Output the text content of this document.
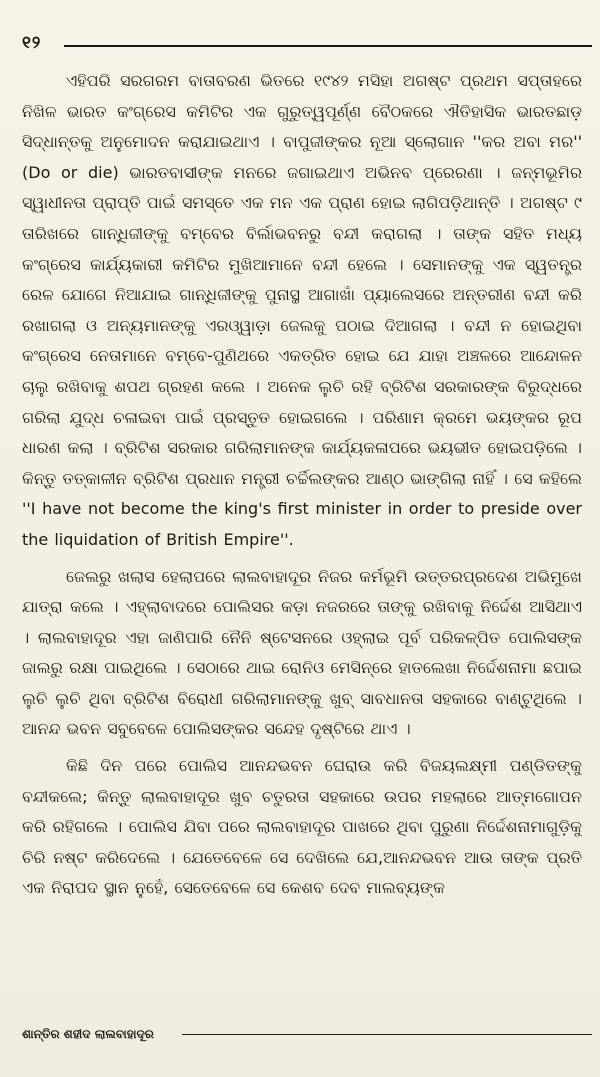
୧୨

ଏହିପରି ସରଗରମ ବାତାବରଣ ଭିତରେ ୧୯୪୨ ମସିହା ଅଗଷ୍ଟ ପ୍ରଥମ ସପ୍ତାହରେ ନିଖିଳ ଭାରତ କଂଗ୍ରେସ କମିଟିର ଏକ ଗୁରୁତ୍ୱପୂର୍ଣ୍ଣ ବୈଠକରେ ଐତିହାସିକ ଭାରତଛାଡ଼ ସିଦ୍ଧାନ୍ତକୁ ଅନୁମୋଦନ କରାଯାଇଥାଏ । ବାପୁଜୀଙ୍କର ନୂଆ ସ୍ଲୋଗାନ ''କର ଅବା ମର'' (Do or die) ଭାରତବାସୀଙ୍କ ମନରେ ଜଗାଇଥାଏ ଅଭିନବ ପ୍ରେରଣା । ଜନ୍ମଭୂମିର ସ୍ୱାଧୀନତା ପ୍ରାପ୍ତି ପାଇଁ ସମସ୍ତେ ଏକ ମନ ଏକ ପ୍ରାଣ ହୋଇ ଲାଗିପଡ଼ିଥାନ୍ତି । ଅଗଷ୍ଟ ୯ ତାରିଖରେ ଗାନ୍ଧିଜୀଙ୍କୁ ବମ୍ବେର ବିର୍ଲାଭବନରୁ ବନ୍ଦୀ କରାଗଲା । ତାଙ୍କ ସହିତ ମଧ୍ୟ କଂଗ୍ରେସ କାର୍ଯ୍ୟକାରୀ କମିଟିର ମୁଖିଆମାନେ ବନ୍ଦୀ ହେଲେ । ସେମାନଙ୍କୁ ଏକ ସ୍ୱତନ୍ତ୍ର ରେଳ ଯୋଗେ ନିଆଯାଇ ଗାନ୍ଧିଜୀଙ୍କୁ ପୁନାସ୍ଥ ଆଗାଖାଁ ପ୍ୟାଲେସରେ ଅନ୍ତରୀଣ ବନ୍ଦୀ କରି ରଖାଗଲା ଓ ଅନ୍ୟମାନଙ୍କୁ ଏରଓ୍ୱାଡ଼ା ଜେଲକୁ ପଠାଇ ଦିଆଗଲା । ବନ୍ଦୀ ନ ହୋଇଥିବା କଂଗ୍ରେସ ନେତାମାନେ ବମ୍ବେ-ପୁଣିଥରେ ଏକତ୍ରିତ ହୋଇ ଯେ ଯାହା ଅଞ୍ଚଳରେ ଆନ୍ଦୋଳନ ଚାଲୁ ରଖିବାକୁ ଶପଥ ଗ୍ରହଣ କଲେ । ଅନେକ ଲୁଚି ରହି ବ୍ରିଟିଶ ସରକାରଙ୍କ ବିରୁଦ୍ଧରେ ଗରିଲା ଯୁଦ୍ଧ ଚଳାଇବା ପାଇଁ ପ୍ରସ୍ତୁତ ହୋଇଗଲେ । ପରିଣାମ କ୍ରମେ ଭୟଙ୍କର ରୂପ ଧାରଣ କଲା । ବ୍ରିଟିଶ ସରକାର ଗରିଲାମାନଙ୍କ କାର୍ଯ୍ୟକଳାପରେ ଭୟଭୀତ ହୋଇପଡ଼ିଲେ । କିନ୍ତୁ ତତ୍କାଳୀନ ବ୍ରିଟିଶ ପ୍ରଧାନ ମନ୍ତ୍ରୀ ଚର୍ଚ୍ଚିଲଙ୍କର ଆଣ୍ଠ ଭାଙ୍ଗିଲା ନାହିଁ । ସେ କହିଲେ ''I have not become the king's first minister in order to preside over the liquidation of British Empire''.

ଜେଲରୁ ଖଲାସ ହେଲାପରେ ଲାଲବାହାଦୂର ନିଜର କର୍ମଭୂମି ଉତ୍ତରପ୍ରଦେଶ ଅଭିମୁଖେ ଯାତ୍ରା କଲେ । ଏହ୍ଲାବାଦରେ ପୋଲିସର କଡ଼ା ନଜରରେ ତାଙ୍କୁ ରଖିବାକୁ ନିର୍ଦ୍ଦେଶ ଆସିଥାଏ । ଲାଲବାହାଦୂର ଏହା ଜାଣିପାରି ନୈନି ଷ୍ଟେସନରେ ଓହ୍ଲାଇ ପୂର୍ବ ପରିକଳ୍ପିତ ପୋଲିସଙ୍କ ଜାଲରୁ ରକ୍ଷା ପାଇଥିଲେ । ସେଠାରେ ଥାଇ ରୋନିଓ ମେସିନ୍‌ରେ ହାତଲେଖା ନିର୍ଦ୍ଦେଶନାମା ଛପାଇ ଲୁଚି ଲୁଚି ଥିବା ବ୍ରିଟିଶ ବିରୋଧୀ ଗରିଲାମାନଙ୍କୁ ଖୁବ୍ ସାବଧାନତା ସହକାରେ ବାଣ୍ଟୁଥିଲେ । ଆନନ୍ଦ ଭବନ ସବୁବେଳେ ପୋଲିସଙ୍କର ସନ୍ଦେହ ଦୃଷ୍ଟିରେ ଥାଏ ।

କିଛି ଦିନ ପରେ ପୋଲିସ ଆନନ୍ଦଭବନ ଘେରାଉ କରି ବିଜୟଲକ୍ଷ୍ମୀ ପଣ୍ଡିତଙ୍କୁ ବନ୍ଦୀକଲେ; କିନ୍ତୁ ଲାଲବାହାଦୂର ଖୁବ ଚତୁରତା ସହକାରେ ଉପର ମହଲାରେ ଆତ୍ମଗୋପନ କରି ରହିଗଲେ । ପୋଲିସ ଯିବା ପରେ ଲାଲବାହାଦୂର ପାଖରେ ଥିବା ପୁରୁଣା ନିର୍ଦ୍ଦେଶନାମାଗୁଡ଼ିକୁ ଚିରି ନଷ୍ଟ କରିଦେଲେ । ଯେତେବେଳେ ସେ ଦେଖିଲେ ଯେ,ଆନନ୍ଦଭବନ ଆଉ ତାଙ୍କ ପ୍ରତି ଏକ ନିରାପଦ ସ୍ଥାନ ନୁହେଁ, ସେତେବେଳେ ସେ କେଶବ ଦେବ ମାଲବ୍ୟଙ୍କ

ଶାନ୍ତିର ଶହୀଦ ଲାଲବାହାଦୂର
